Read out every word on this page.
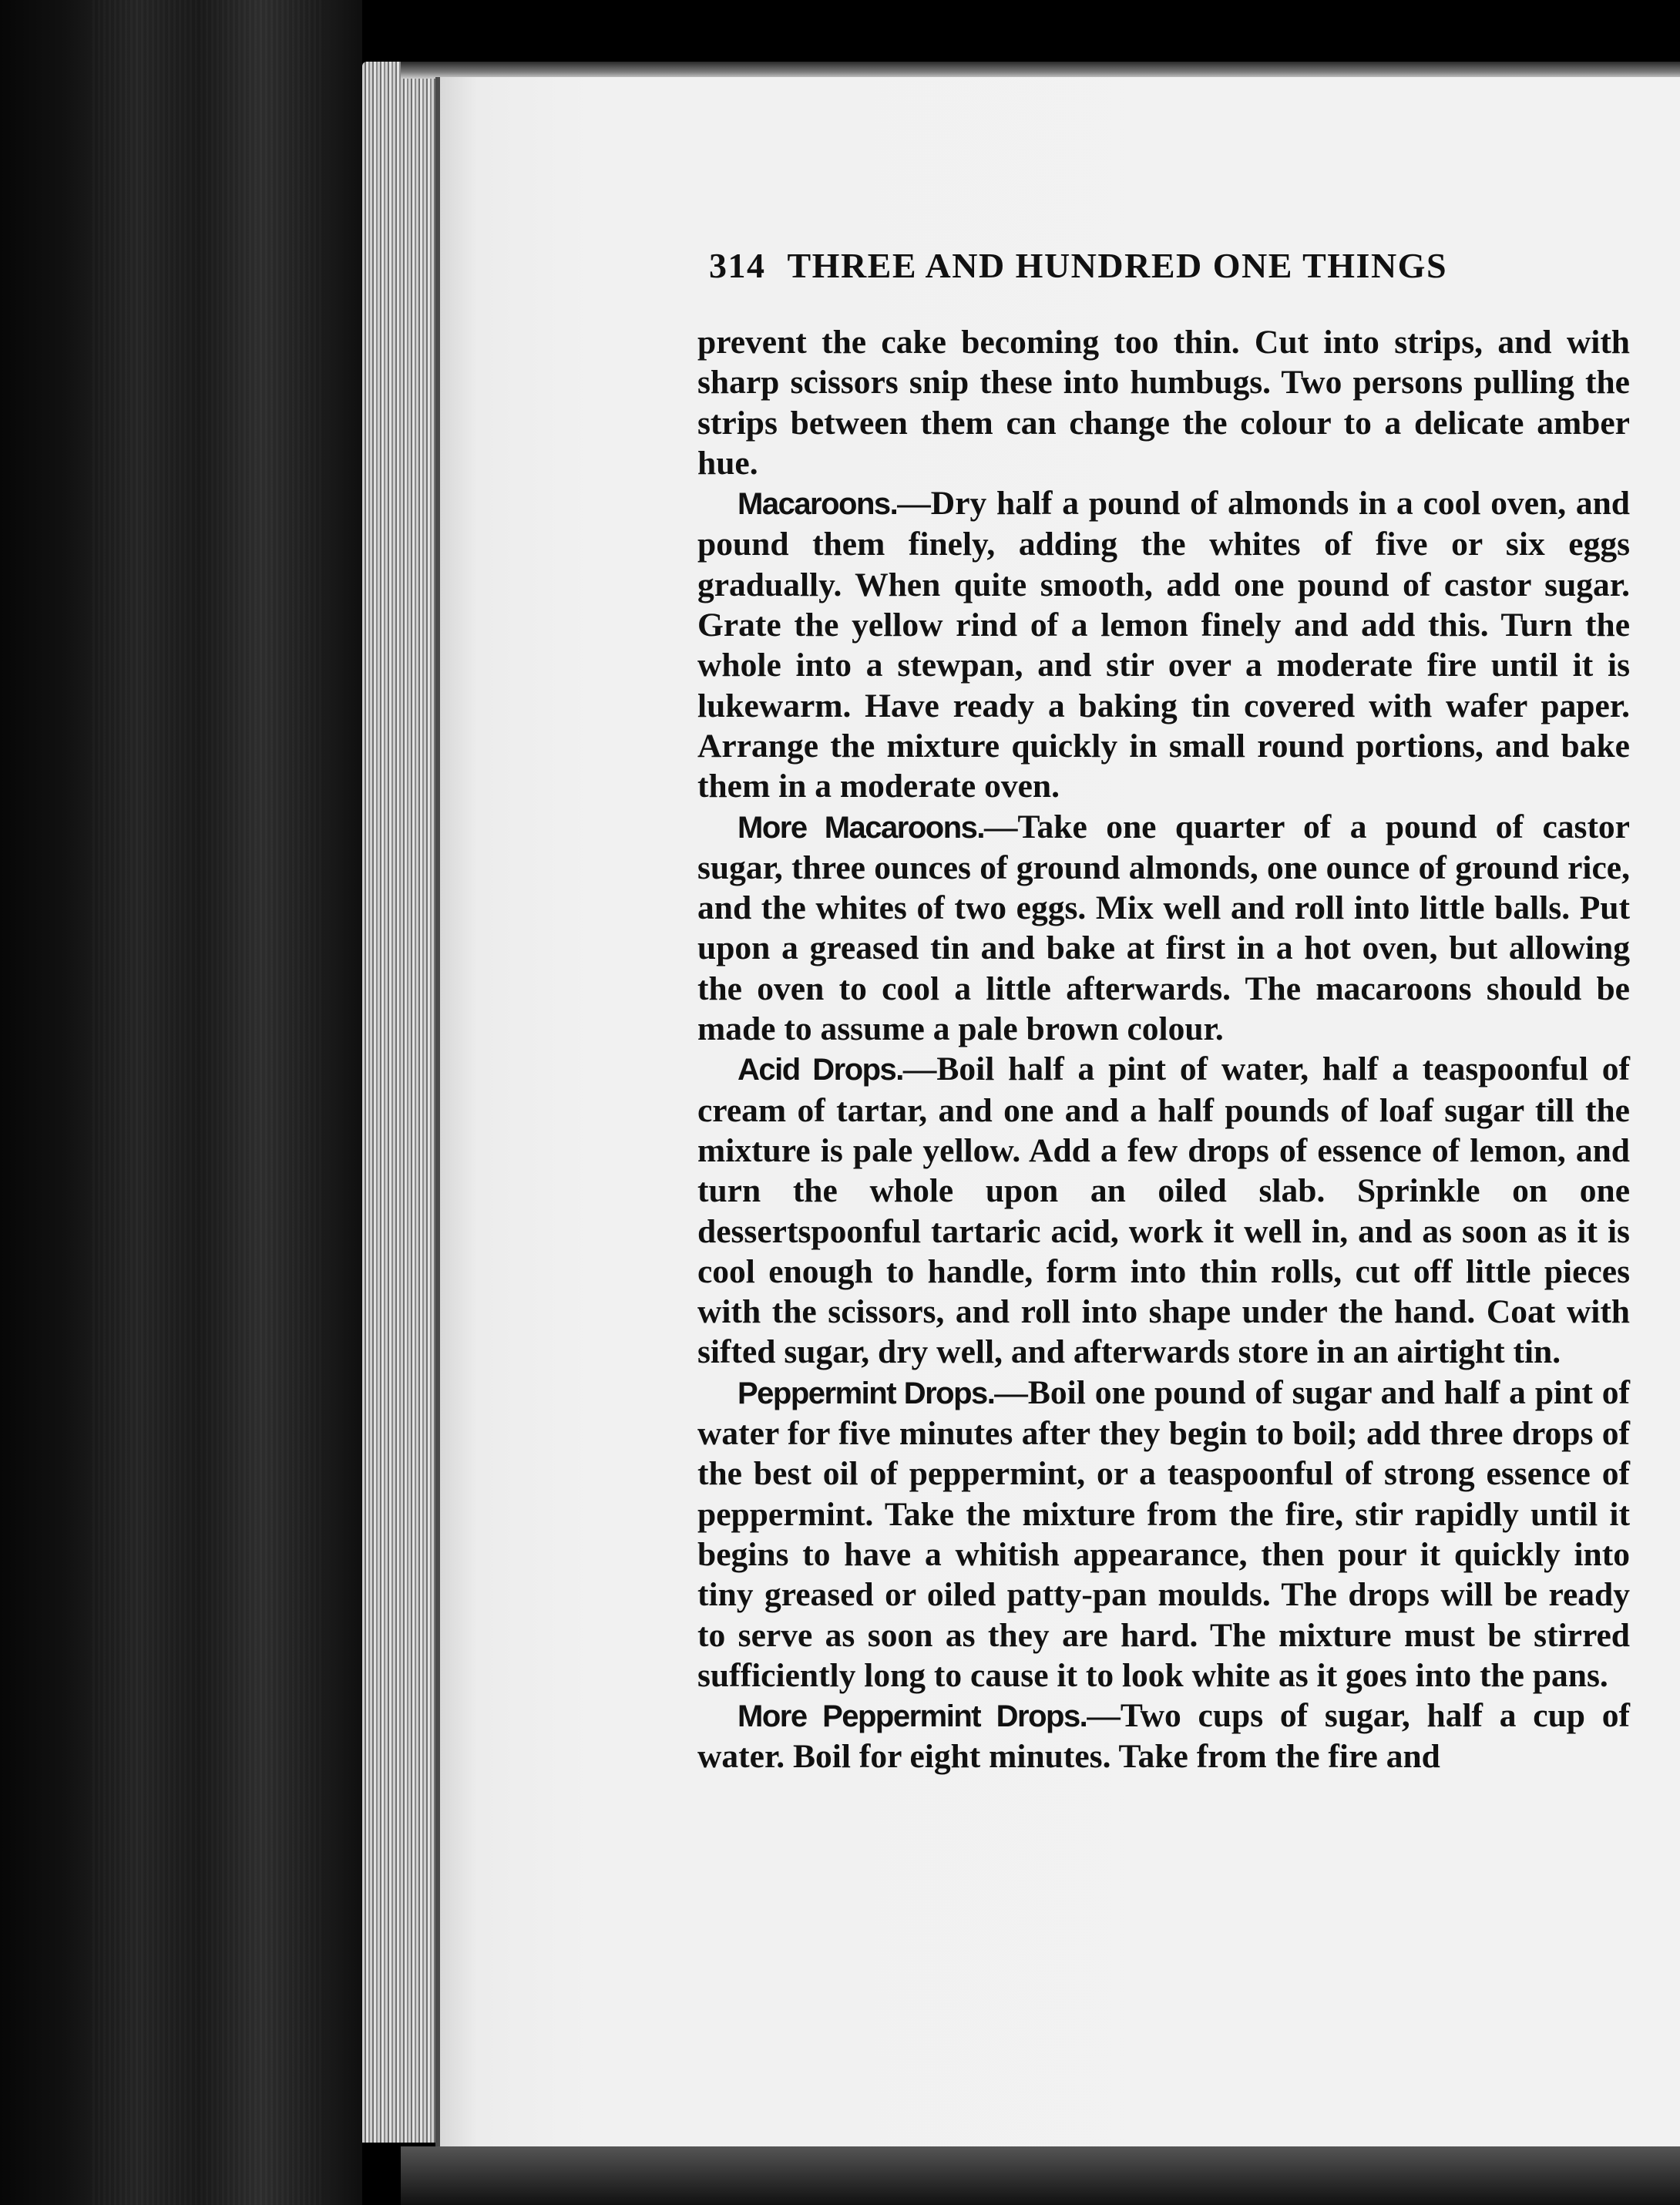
314 THREE AND HUNDRED ONE THINGS

prevent the cake becoming too thin. Cut into strips, and with sharp scissors snip these into humbugs. Two persons pulling the strips between them can change the colour to a delicate amber hue.

Macaroons.—Dry half a pound of almonds in a cool oven, and pound them finely, adding the whites of five or six eggs gradually. When quite smooth, add one pound of castor sugar. Grate the yellow rind of a lemon finely and add this. Turn the whole into a stewpan, and stir over a moderate fire until it is lukewarm. Have ready a baking tin covered with wafer paper. Arrange the mixture quickly in small round portions, and bake them in a moderate oven.

More Macaroons.—Take one quarter of a pound of castor sugar, three ounces of ground almonds, one ounce of ground rice, and the whites of two eggs. Mix well and roll into little balls. Put upon a greased tin and bake at first in a hot oven, but allowing the oven to cool a little afterwards. The macaroons should be made to assume a pale brown colour.

Acid Drops.—Boil half a pint of water, half a teaspoonful of cream of tartar, and one and a half pounds of loaf sugar till the mixture is pale yellow. Add a few drops of essence of lemon, and turn the whole upon an oiled slab. Sprinkle on one dessertspoonful tartaric acid, work it well in, and as soon as it is cool enough to handle, form into thin rolls, cut off little pieces with the scissors, and roll into shape under the hand. Coat with sifted sugar, dry well, and afterwards store in an airtight tin.

Peppermint Drops.—Boil one pound of sugar and half a pint of water for five minutes after they begin to boil; add three drops of the best oil of peppermint, or a teaspoonful of strong essence of peppermint. Take the mixture from the fire, stir rapidly until it begins to have a whitish appearance, then pour it quickly into tiny greased or oiled patty-pan moulds. The drops will be ready to serve as soon as they are hard. The mixture must be stirred sufficiently long to cause it to look white as it goes into the pans.

More Peppermint Drops.—Two cups of sugar, half a cup of water. Boil for eight minutes. Take from the fire and
